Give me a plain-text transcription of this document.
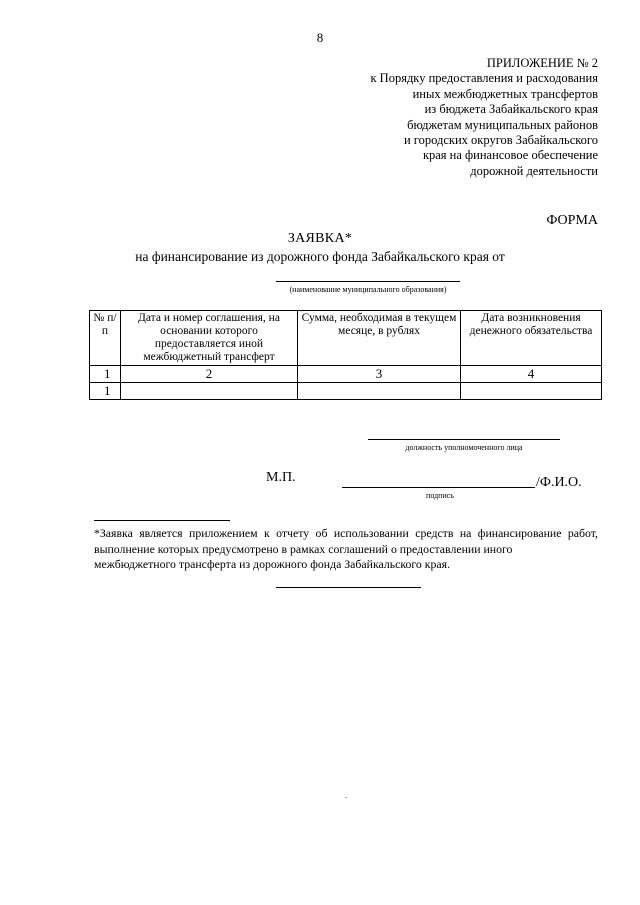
8
ПРИЛОЖЕНИЕ № 2
к Порядку предоставления и расходования
иных межбюджетных трансфертов
из бюджета Забайкальского края
бюджетам муниципальных районов
и городских округов Забайкальского
края на финансовое обеспечение
дорожной деятельности
ФОРМА
ЗАЯВКА*
на финансирование из дорожного фонда Забайкальского края от
(наименование муниципального образования)
№ п/п	Дата и номер соглашения, на основании которого предоставляется иной межбюджетный трансферт	Сумма, необходимая в текущем месяце, в рублях	Дата возникновения денежного обязательства
1	2	3	4
1			
должность уполномоченного лица
М.П.	/Ф.И.О.
подпись
*Заявка является приложением к отчету об использовании средств на финансирование работ, выполнение которых предусмотрено в рамках соглашений о предоставлении иного
межбюджетного трансферта из дорожного фонда Забайкальского края.
